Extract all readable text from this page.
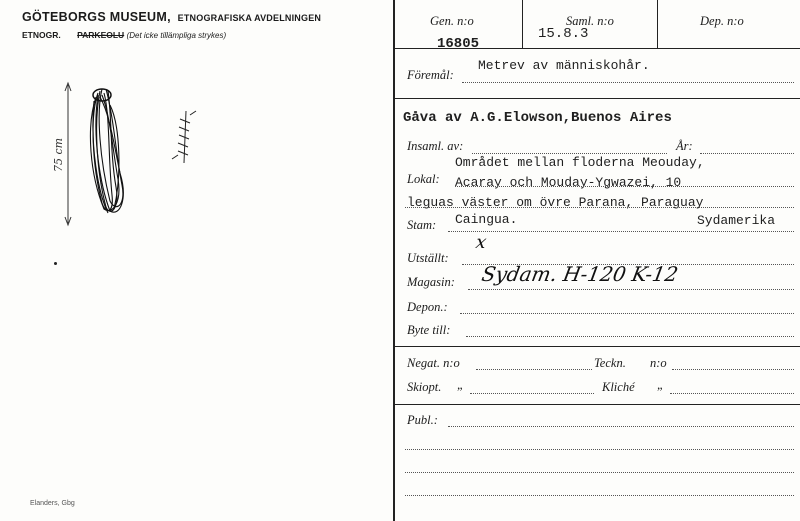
GÖTEBORGS MUSEUM, ETNOGRAFISKA AVDELNINGEN
ETNOGR. PARKEOLU (Det icke tillämpliga strykes)
75 cm
Elanders, Gbg
Gen. n:o
16805
Saml. n:o
15.8.3
Dep. n:o
Föremål:
Metrev av människohår.
Gåva av A.G.Elowson,Buenos Aires
Insaml. av:	År:
Lokal:
Området mellan floderna Meouday,
Acaray och Mouday-Ygwazei, 10
leguas väster om övre Parana, Paraguay
Stam: Caingua.	Sydamerika
Utställt:
x
Magasin: Sydam. H-120 K-12
Depon.:
Byte till:
Negat. n:o	Teckn. n:o
Skiopt. „	Kliché „
Publ.:
